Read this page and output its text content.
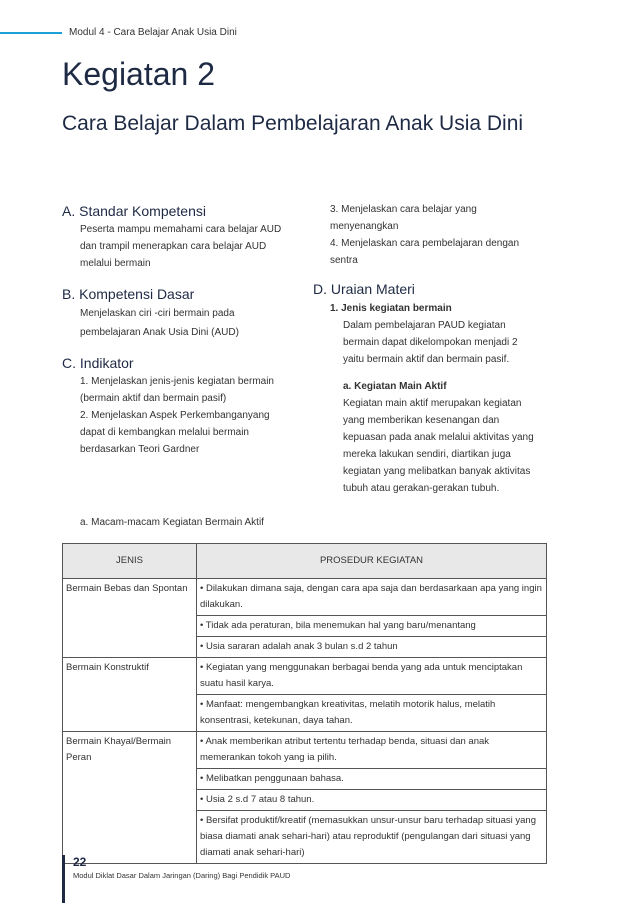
Modul 4 - Cara Belajar Anak Usia Dini
Kegiatan 2
Cara Belajar Dalam Pembelajaran Anak Usia Dini
A. Standar Kompetensi
Peserta mampu memahami cara belajar AUD
dan trampil menerapkan cara belajar AUD
melalui bermain
B. Kompetensi Dasar
Menjelaskan ciri -ciri bermain pada
pembelajaran Anak Usia Dini (AUD)
C. Indikator
1. Menjelaskan jenis-jenis kegiatan bermain
(bermain aktif dan bermain pasif)
2. Menjelaskan Aspek Perkembanganyang
dapat di kembangkan melalui bermain
berdasarkan Teori Gardner
3. Menjelaskan cara belajar yang
menyenangkan
4. Menjelaskan cara pembelajaran dengan
sentra
D. Uraian Materi
1. Jenis kegiatan bermain
Dalam pembelajaran PAUD kegiatan
bermain dapat dikelompokan menjadi 2
yaitu bermain aktif dan bermain pasif.
a. Kegiatan Main Aktif
Kegiatan main aktif merupakan kegiatan
yang memberikan kesenangan dan
kepuasan pada anak melalui aktivitas yang
mereka lakukan sendiri, diartikan juga
kegiatan yang melibatkan banyak aktivitas
tubuh atau gerakan-gerakan tubuh.
a. Macam-macam Kegiatan Bermain Aktif
JENIS	PROSEDUR KEGIATAN
Bermain Bebas dan Spontan	• Dilakukan dimana saja, dengan cara apa saja dan berdasarkaan apa yang ingin dilakukan.
	• Tidak ada peraturan, bila menemukan hal yang baru/menantang
	• Usia sararan adalah anak 3 bulan s.d 2 tahun
Bermain Konstruktif	• Kegiatan yang menggunakan berbagai benda yang ada untuk menciptakan suatu hasil karya.
	• Manfaat: mengembangkan kreativitas, melatih motorik halus, melatih konsentrasi, ketekunan, daya tahan.
Bermain Khayal/Bermain Peran	• Anak memberikan atribut tertentu terhadap benda, situasi dan anak memerankan tokoh yang ia pilih.
	• Melibatkan penggunaan bahasa.
	• Usia 2 s.d 7 atau 8 tahun.
	• Bersifat produktif/kreatif (memasukkan unsur-unsur baru terhadap situasi yang biasa diamati anak sehari-hari) atau reproduktif (pengulangan dari situasi yang diamati anak sehari-hari)
22
Modul Diklat Dasar Dalam Jaringan (Daring) Bagi Pendidik PAUD
